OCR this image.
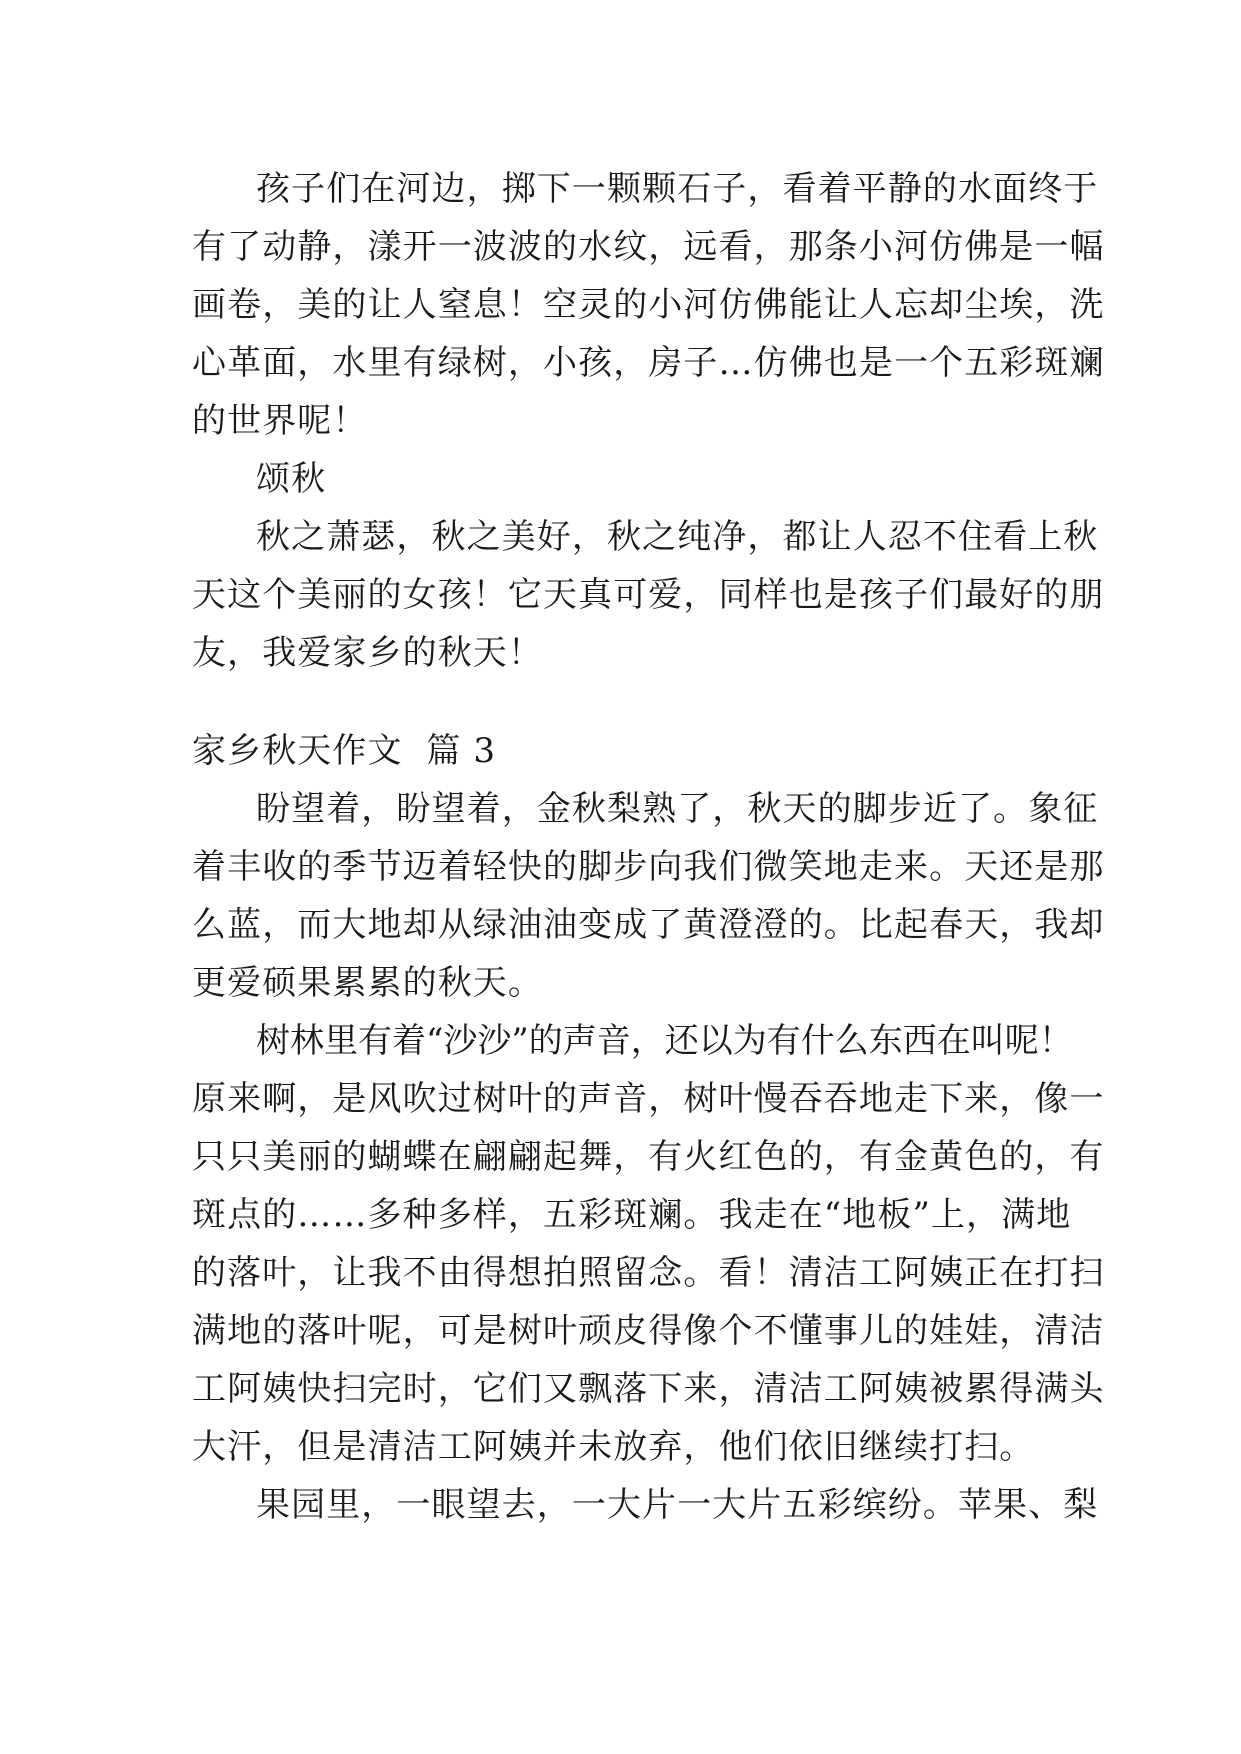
孩子们在河边，掷下一颗颗石子，看着平静的水面终于
有了动静，漾开一波波的水纹，远看，那条小河仿佛是一幅
画卷，美的让人窒息！空灵的小河仿佛能让人忘却尘埃，洗
心革面，水里有绿树，小孩，房子…仿佛也是一个五彩斑斓
的世界呢！
颂秋
秋之萧瑟，秋之美好，秋之纯净，都让人忍不住看上秋
天这个美丽的女孩！它天真可爱，同样也是孩子们最好的朋
友，我爱家乡的秋天！
家乡秋天作文  篇 3
盼望着，盼望着，金秋梨熟了，秋天的脚步近了。象征
着丰收的季节迈着轻快的脚步向我们微笑地走来。天还是那
么蓝，而大地却从绿油油变成了黄澄澄的。比起春天，我却
更爱硕果累累的秋天。
树林里有着“沙沙”的声音，还以为有什么东西在叫呢！
原来啊，是风吹过树叶的声音，树叶慢吞吞地走下来，像一
只只美丽的蝴蝶在翩翩起舞，有火红色的，有金黄色的，有
斑点的……多种多样，五彩斑斓。我走在“地板”上，满地
的落叶，让我不由得想拍照留念。看！清洁工阿姨正在打扫
满地的落叶呢，可是树叶顽皮得像个不懂事儿的娃娃，清洁
工阿姨快扫完时，它们又飘落下来，清洁工阿姨被累得满头
大汗，但是清洁工阿姨并未放弃，他们依旧继续打扫。
果园里，一眼望去，一大片一大片五彩缤纷。苹果、梨
